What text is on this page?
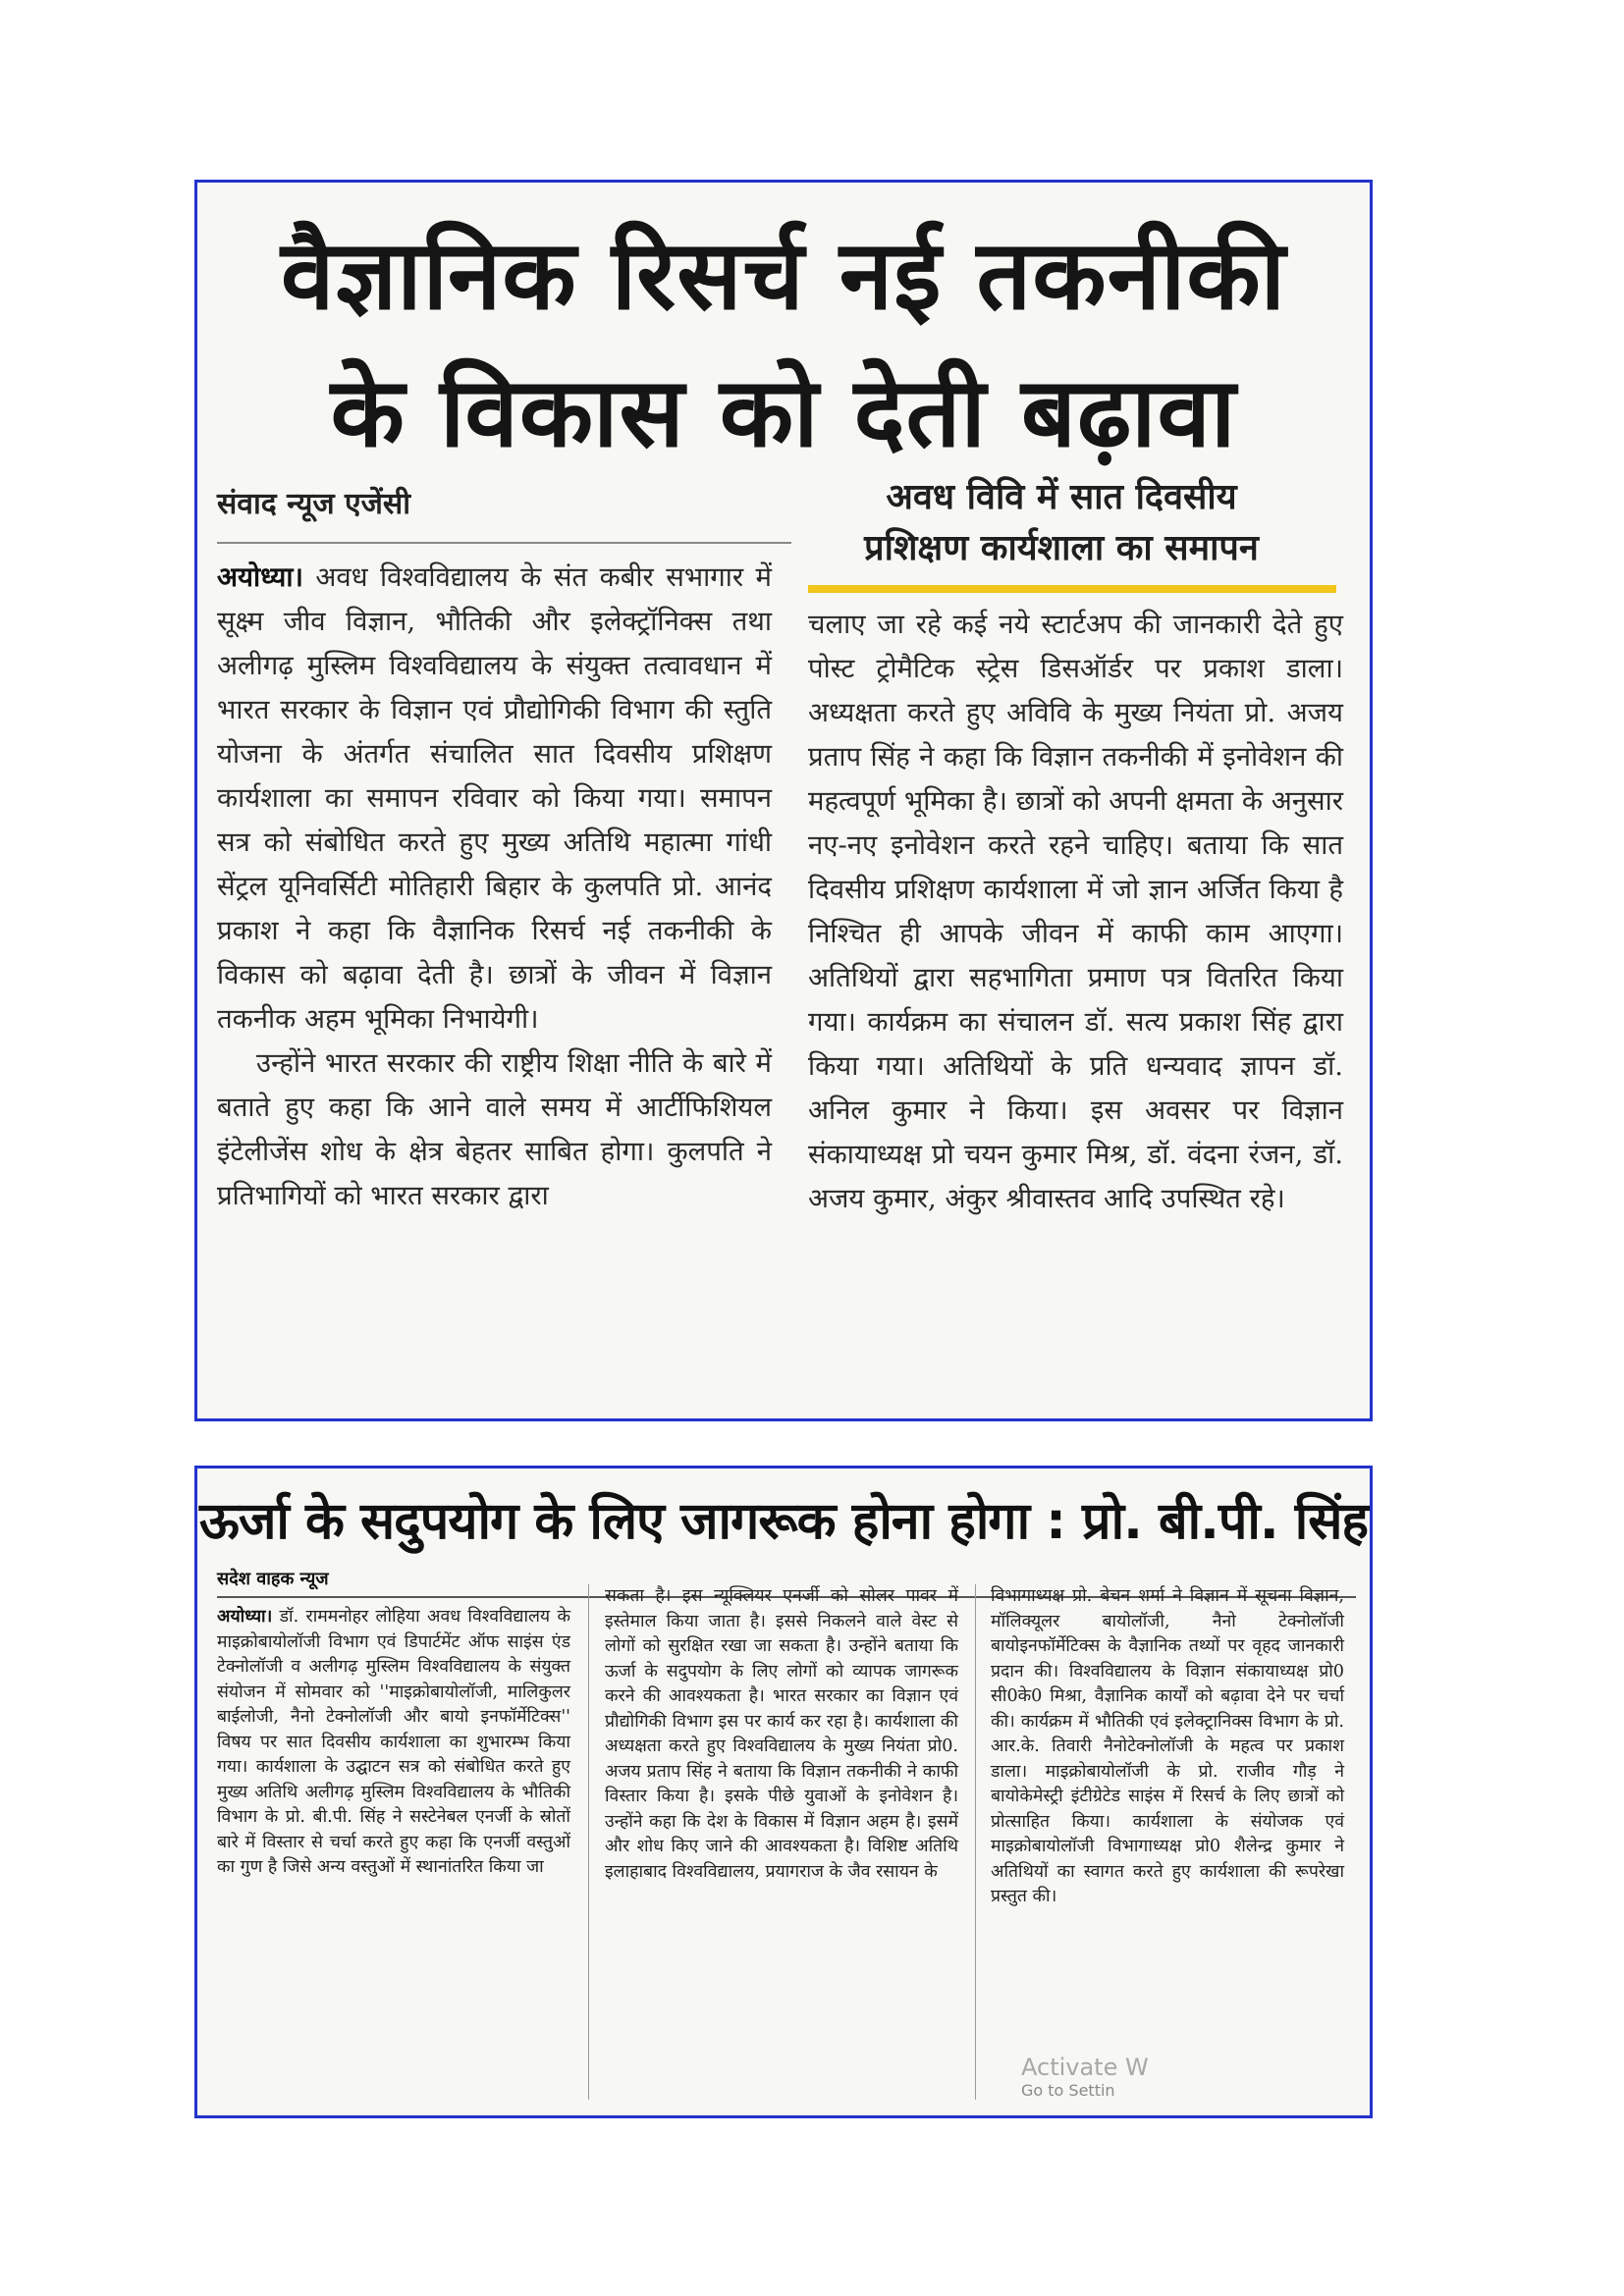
वैज्ञानिक रिसर्च नई तकनीकी
के विकास को देती बढ़ावा
संवाद न्यूज एजेंसी	अवध विवि में सात दिवसीय
प्रशिक्षण कार्यशाला का समापन

अयोध्या। अवध विश्वविद्यालय के संत कबीर सभागार में सूक्ष्म जीव विज्ञान, भौतिकी और इलेक्ट्रॉनिक्स तथा अलीगढ़ मुस्लिम विश्वविद्यालय के संयुक्त तत्वावधान में भारत सरकार के विज्ञान एवं प्रौद्योगिकी विभाग की स्तुति योजना के अंतर्गत संचालित सात दिवसीय प्रशिक्षण कार्यशाला का समापन रविवार को किया गया। समापन सत्र को संबोधित करते हुए मुख्य अतिथि महात्मा गांधी सेंट्रल यूनिवर्सिटी मोतिहारी बिहार के कुलपति प्रो. आनंद प्रकाश ने कहा कि वैज्ञानिक रिसर्च नई तकनीकी के विकास को बढ़ावा देती है। छात्रों के जीवन में विज्ञान तकनीक अहम भूमिका निभायेगी।

उन्होंने भारत सरकार की राष्ट्रीय शिक्षा नीति के बारे में बताते हुए कहा कि आने वाले समय में आर्टीफिशियल इंटेलीजेंस शोध के क्षेत्र बेहतर साबित होगा। कुलपति ने प्रतिभागियों को भारत सरकार द्वारा

चलाए जा रहे कई नये स्टार्टअप की जानकारी देते हुए पोस्ट ट्रोमैटिक स्ट्रेस डिसऑर्डर पर प्रकाश डाला। अध्यक्षता करते हुए अविवि के मुख्य नियंता प्रो. अजय प्रताप सिंह ने कहा कि विज्ञान तकनीकी में इनोवेशन की महत्वपूर्ण भूमिका है। छात्रों को अपनी क्षमता के अनुसार नए-नए इनोवेशन करते रहने चाहिए। बताया कि सात दिवसीय प्रशिक्षण कार्यशाला में जो ज्ञान अर्जित किया है निश्चित ही आपके जीवन में काफी काम आएगा। अतिथियों द्वारा सहभागिता प्रमाण पत्र वितरित किया गया। कार्यक्रम का संचालन डॉ. सत्य प्रकाश सिंह द्वारा किया गया। अतिथियों के प्रति धन्यवाद ज्ञापन डॉ. अनिल कुमार ने किया। इस अवसर पर विज्ञान संकायाध्यक्ष प्रो चयन कुमार मिश्र, डॉ. वंदना रंजन, डॉ. अजय कुमार, अंकुर श्रीवास्तव आदि उपस्थित रहे।

ऊर्जा के सदुपयोग के लिए जागरूक होना होगा : प्रो. बी.पी. सिंह
सदेश वाहक न्यूज

अयोध्या। डॉ. राममनोहर लोहिया अवध विश्वविद्यालय के माइक्रोबायोलॉजी विभाग एवं डिपार्टमेंट ऑफ साइंस एंड टेक्नोलॉजी व अलीगढ़ मुस्लिम विश्वविद्यालय के संयुक्त संयोजन में सोमवार को ''माइक्रोबायोलॉजी, मालिकुलर बाईलोजी, नैनो टेक्नोलॉजी और बायो इनफॉर्मेटिक्स'' विषय पर सात दिवसीय कार्यशाला का शुभारम्भ किया गया। कार्यशाला के उद्घाटन सत्र को संबोधित करते हुए मुख्य अतिथि अलीगढ़ मुस्लिम विश्वविद्यालय के भौतिकी विभाग के प्रो. बी.पी. सिंह ने सस्टेनेबल एनर्जी के स्रोतों बारे में विस्तार से चर्चा करते हुए कहा कि एनर्जी वस्तुओं का गुण है जिसे अन्य वस्तुओं में स्थानांतरित किया जा

सकता है। इस न्यूक्लियर एनर्जी को सोलर पावर में इस्तेमाल किया जाता है। इससे निकलने वाले वेस्ट से लोगों को सुरक्षित रखा जा सकता है। उन्होंने बताया कि ऊर्जा के सदुपयोग के लिए लोगों को व्यापक जागरूक करने की आवश्यकता है। भारत सरकार का विज्ञान एवं प्रौद्योगिकी विभाग इस पर कार्य कर रहा है। कार्यशाला की अध्यक्षता करते हुए विश्वविद्यालय के मुख्य नियंता प्रो0. अजय प्रताप सिंह ने बताया कि विज्ञान तकनीकी ने काफी विस्तार किया है। इसके पीछे युवाओं के इनोवेशन है। उन्होंने कहा कि देश के विकास में विज्ञान अहम है। इसमें और शोध किए जाने की आवश्यकता है। विशिष्ट अतिथि इलाहाबाद विश्वविद्यालय, प्रयागराज के जैव रसायन के

विभागाध्यक्ष प्रो. बेचन शर्मा ने विज्ञान में सूचना विज्ञान, मॉलिक्यूलर बायोलॉजी, नैनो टेक्नोलॉजी बायोइनफॉर्मेटिक्स के वैज्ञानिक तथ्यों पर वृहद जानकारी प्रदान की। विश्वविद्यालय के विज्ञान संकायाध्यक्ष प्रो0 सी0के0 मिश्रा, वैज्ञानिक कार्यों को बढ़ावा देने पर चर्चा की। कार्यक्रम में भौतिकी एवं इलेक्ट्रानिक्स विभाग के प्रो. आर.के. तिवारी नैनोटेक्नोलॉजी के महत्व पर प्रकाश डाला। माइक्रोबायोलॉजी के प्रो. राजीव गौड़ ने बायोकेमेस्ट्री इंटीग्रेटेड साइंस में रिसर्च के लिए छात्रों को प्रोत्साहित किया। कार्यशाला के संयोजक एवं माइक्रोबायोलॉजी विभागाध्यक्ष प्रो0 शैलेन्द्र कुमार ने अतिथियों का स्वागत करते हुए कार्यशाला की रूपरेखा प्रस्तुत की।

Activate W
Go to Settin
